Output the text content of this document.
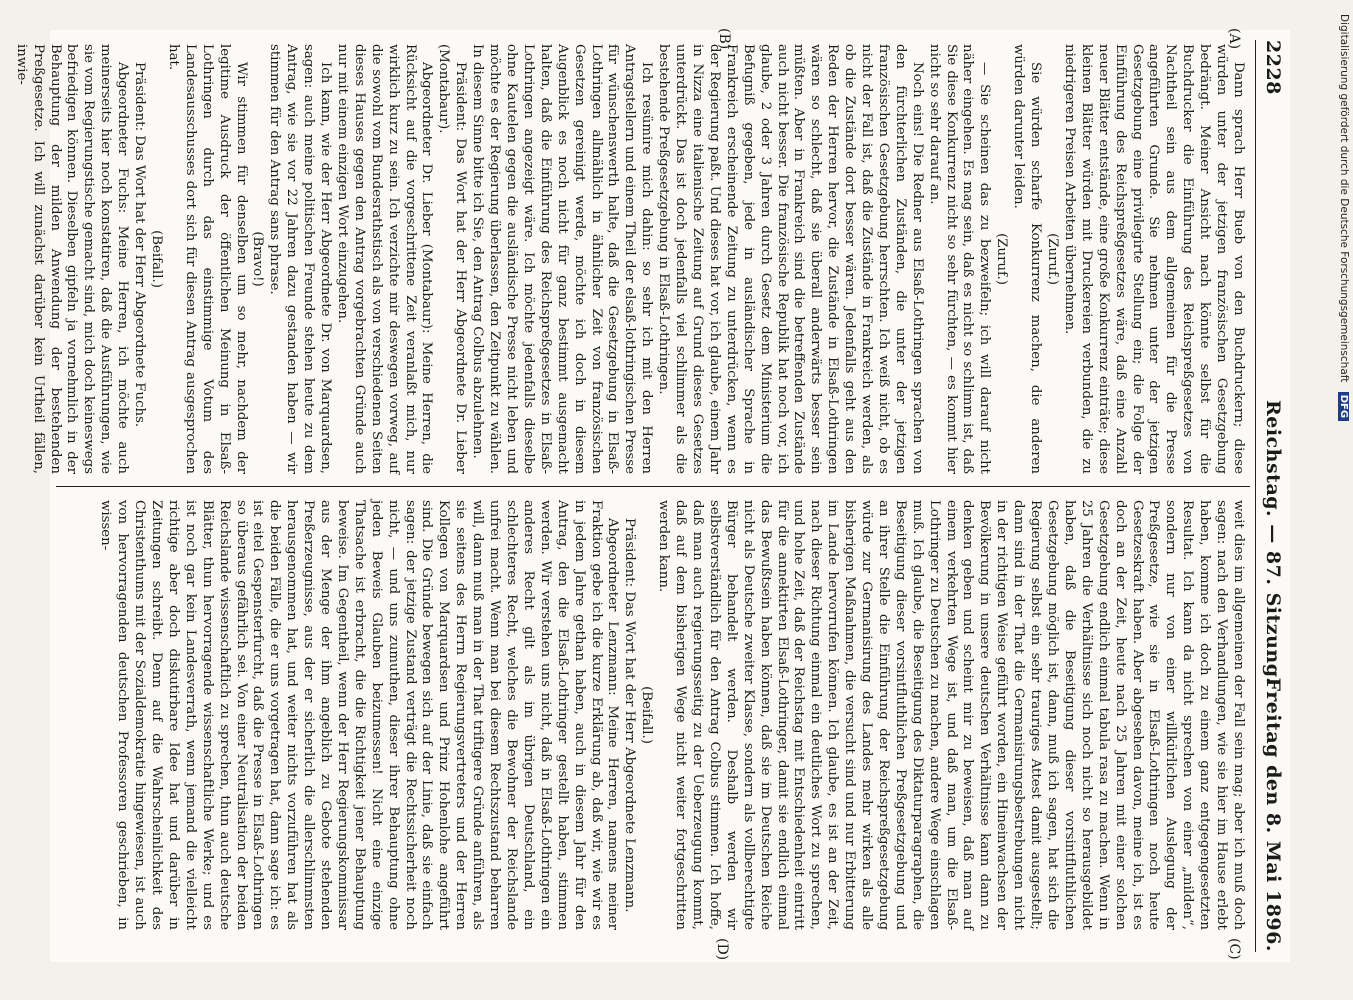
2228
Reichstag. — 87. Sitzung.
Freitag den 8. Mai 1896.
(A)
(B)
(C)
(D)

Dann sprach Herr Bueb von den Buchdruckern; diese würden unter der jetzigen französischen Gesetzgebung bedrängt. Meiner Ansicht nach könnte selbst für die Buchdrucker die Einführung des Reichspreßgesetzes von Nachtheil sein aus dem allgemeinen für die Presse angeführten Grunde. Sie nehmen unter der jetzigen Gesetzgebung eine privilegirte Stellung ein; die Folge der Einführung des Reichspreßgesetzes wäre, daß eine Anzahl neuer Blätter entstände, eine große Konkurrenz einträte; diese kleinen Blätter würden mit Druckereien verbunden, die zu niedrigeren Preisen Arbeiten übernehmen.

(Zuruf.)

Sie würden scharfe Konkurrenz machen, die anderen würden darunter leiden.

(Zuruf.)

— Sie scheinen das zu bezweifeln; ich will darauf nicht näher eingehen. Es mag sein, daß es nicht so schlimm ist, daß Sie diese Konkurrenz nicht so sehr fürchten, — es kommt hier nicht so sehr darauf an.

Noch eins! Die Redner aus Elsaß-Lothringen sprachen von den fürchterlichen Zuständen, die unter der jetzigen französischen Gesetzgebung herrschten. Ich weiß nicht, ob es nicht der Fall ist, daß die Zustände in Frankreich werden, als ob die Zustände dort besser wären. Jedenfalls geht aus den Reden der Herren hervor, die Zustände in Elsaß-Lothringen wären so schlecht, daß sie überall anderwärts besser sein müßten. Aber in Frankreich sind die betreffenden Zustände auch nicht besser. Die französische Republik hat noch vor, ich glaube, 2 oder 3 Jahren durch Gesetz dem Ministerium die Befugniß gegeben, jede in ausländischer Sprache in Frankreich erscheinende Zeitung zu unterdrücken, wenn es der Regierung paßt. Und dieses hat vor, ich glaube, einem Jahr in Nizza eine italienische Zeitung auf Grund dieses Gesetzes unterdrückt. Das ist doch jedenfalls viel schlimmer als die bestehende Preßgesetzgebung in Elsaß-Lothringen.

Ich resümire mich dahin: so sehr ich mit den Herren Antragstellern und einem Theil der elsaß-lothringischen Presse für wünschenswerth halte, daß die Gesetzgebung in Elsaß-Lothringen allmählich in ähnlicher Zeit von französischen Gesetzen gereinigt werde, möchte ich doch in diesem Augenblick es noch nicht für ganz bestimmt ausgemacht halten, daß die Einführung des Reichspreßgesetzes in Elsaß-Lothringen angezeigt wäre. Ich möchte jedenfalls dieselbe ohne Kautelen gegen die ausländische Presse nicht leben und möchte es der Regierung überlassen, den Zeitpunkt zu wählen. In diesem Sinne bitte ich Sie, den Antrag Colbus abzulehnen.

Präsident: Das Wort hat der Herr Abgeordnete Dr. Lieber (Montabaur).

Abgeordneter Dr. Lieber (Montabaur): Meine Herren, die Rücksicht auf die vorgeschrittene Zeit veranlaßt mich, nur wirklich kurz zu sein. Ich verzichte mir deswegen vorweg, auf die sowohl vom Bundesrathstisch als von verschiedenen Seiten dieses Hauses gegen den Antrag vorgebrachten Gründe auch nur mit einem einzigen Wort einzugehen.

Ich kann, wie der Herr Abgeordnete Dr. von Marquardsen, sagen: auch meine politischen Freunde stehen heute zu dem Antrag, wie sie vor 22 Jahren dazu gestanden haben — wir stimmen für den Antrag sans phrase.

(Bravo!)

Wir stimmen für denselben um so mehr, nachdem der legitime Ausdruck der öffentlichen Meinung in Elsaß-Lothringen durch das einstimmige Votum des Landesausschusses dort sich für diesen Antrag ausgesprochen hat.

(Beifall.)

Präsident: Das Wort hat der Herr Abgeordnete Fuchs.

Abgeordneter Fuchs: Meine Herren, ich möchte auch meinerseits hier noch konstatiren, daß die Ausführungen, wie sie vom Regierungstische gemacht sind, mich doch keineswegs befriedigen können. Dieselben gipfeln ja vornehmlich in der Behauptung der milden Anwendung der bestehenden Preßgesetze. Ich will zunächst darüber kein Urtheil fällen, inwie-

weit dies im allgemeinen der Fall sein mag; aber ich muß doch sagen: nach den Verhandlungen, wie sie hier im Hause erlebt haben, komme ich doch zu einem ganz entgegengesetzten Resultat. Ich kann da nicht sprechen von einer „milden“, sondern nur von einer willkürlichen Auslegung der Preßgesetze, wie sie in Elsaß-Lothringen noch heute Gesetzeskraft haben. Aber abgesehen davon, meine ich, ist es doch an der Zeit, heute nach 25 Jahren mit einer solchen Gesetzgebung endlich einmal tabula rasa zu machen. Wenn in 25 Jahren die Verhältnisse sich noch nicht so herausgebildet haben, daß die Beseitigung dieser vorsintfluthlichen Gesetzgebung möglich ist, dann, muß ich sagen, hat sich die Regierung selbst ein sehr trauriges Attest damit ausgestellt; dann sind in der That die Germanisirungsbestrebungen nicht in der richtigen Weise geführt worden, ein Hineinwachsen der Bevölkerung in unsere deutschen Verhältnisse kann dann zu denken geben und scheint mir zu beweisen, daß man auf einem verkehrten Wege ist, und daß man, um die Elsaß-Lothringer zu Deutschen zu machen, andere Wege einschlagen muß. Ich glaube, die Beseitigung des Diktaturparagraphen, die Beseitigung dieser vorsintfluthlichen Preßgesetzgebung und an ihrer Stelle die Einführung der Reichspreßgesetzgebung würde zur Germanisirung des Landes mehr wirken als alle bisherigen Maßnahmen, die versucht sind und nur Erbitterung im Lande hervorrufen können. Ich glaube, es ist an der Zeit, nach dieser Richtung einmal ein deutliches Wort zu sprechen, und hohe Zeit, daß der Reichstag mit Entschiedenheit eintritt für die annektirten Elsaß-Lothringer, damit sie endlich einmal das Bewußtsein haben können, daß sie im Deutschen Reiche nicht als Deutsche zweiter Klasse, sondern als vollberechtigte Bürger behandelt werden. Deshalb werden wir selbstverständlich für den Antrag Colbus stimmen. Ich hoffe, daß man auch regierungsseitig zu der Ueberzeugung kommt, daß auf dem bisherigen Wege nicht weiter fortgeschritten werden kann.

(Beifall.)

Präsident: Das Wort hat der Herr Abgeordnete Lenzmann.

Abgeordneter Lenzmann: Meine Herren, namens meiner Fraktion gebe ich die kurze Erklärung ab, daß wir, wie wir es in jedem Jahre gethan haben, auch in diesem Jahr für den Antrag, den die Elsaß-Lothringer gestellt haben, stimmen werden. Wir verstehen uns nicht, daß in Elsaß-Lothringen ein anderes Recht gilt als im übrigen Deutschland, ein schlechteres Recht, welches die Bewohner der Reichslande unfrei macht. Wenn man bei diesem Rechtszustand beharren will, dann muß man in der That triftigere Gründe anführen, als sie seitens des Herrn Regierungsvertreters und der Herren Kollegen von Marquardsen und Prinz Hohenlohe angeführt sind. Die Gründe bewegen sich auf der Linie, daß sie einfach sagen: der jetzige Zustand verträgt die Rechtssicherheit noch nicht, — und uns zumuthen, dieser ihrer Behauptung ohne jeden Beweis Glauben beizumessen! Nicht eine einzige Thatsache ist erbracht, die die Richtigkeit jener Behauptung beweise. Im Gegentheil, wenn der Herr Regierungskommissar aus der Menge der ihm angeblich zu Gebote stehenden Preßerzeugnisse, aus der er sicherlich die allerschlimmsten herausgenommen hat, und weiter nichts vorzuführen hat als die beiden Fälle, die er uns vorgetragen hat, dann sage ich: es ist eitel Gespensterfurcht, daß die Presse in Elsaß-Lothringen so überaus gefährlich sei. Von einer Neutralisation der beiden Reichslande wissenschaftlich zu sprechen, thun auch deutsche Blätter, thun hervorragende wissenschaftliche Werke; und es ist noch gar kein Landesverrath, wenn jemand die vielleicht richtige aber doch diskutirbare Idee hat und darüber in Zeitungen schreibt. Denn auf die Wahrscheinlichkeit des Christenthums mit der Sozialdemokratie hingewiesen, ist auch von hervorragenden deutschen Professoren geschrieben, in wissen-

Digitalisierung gefördert durch die Deutsche Forschungsgemeinschaft DFG
